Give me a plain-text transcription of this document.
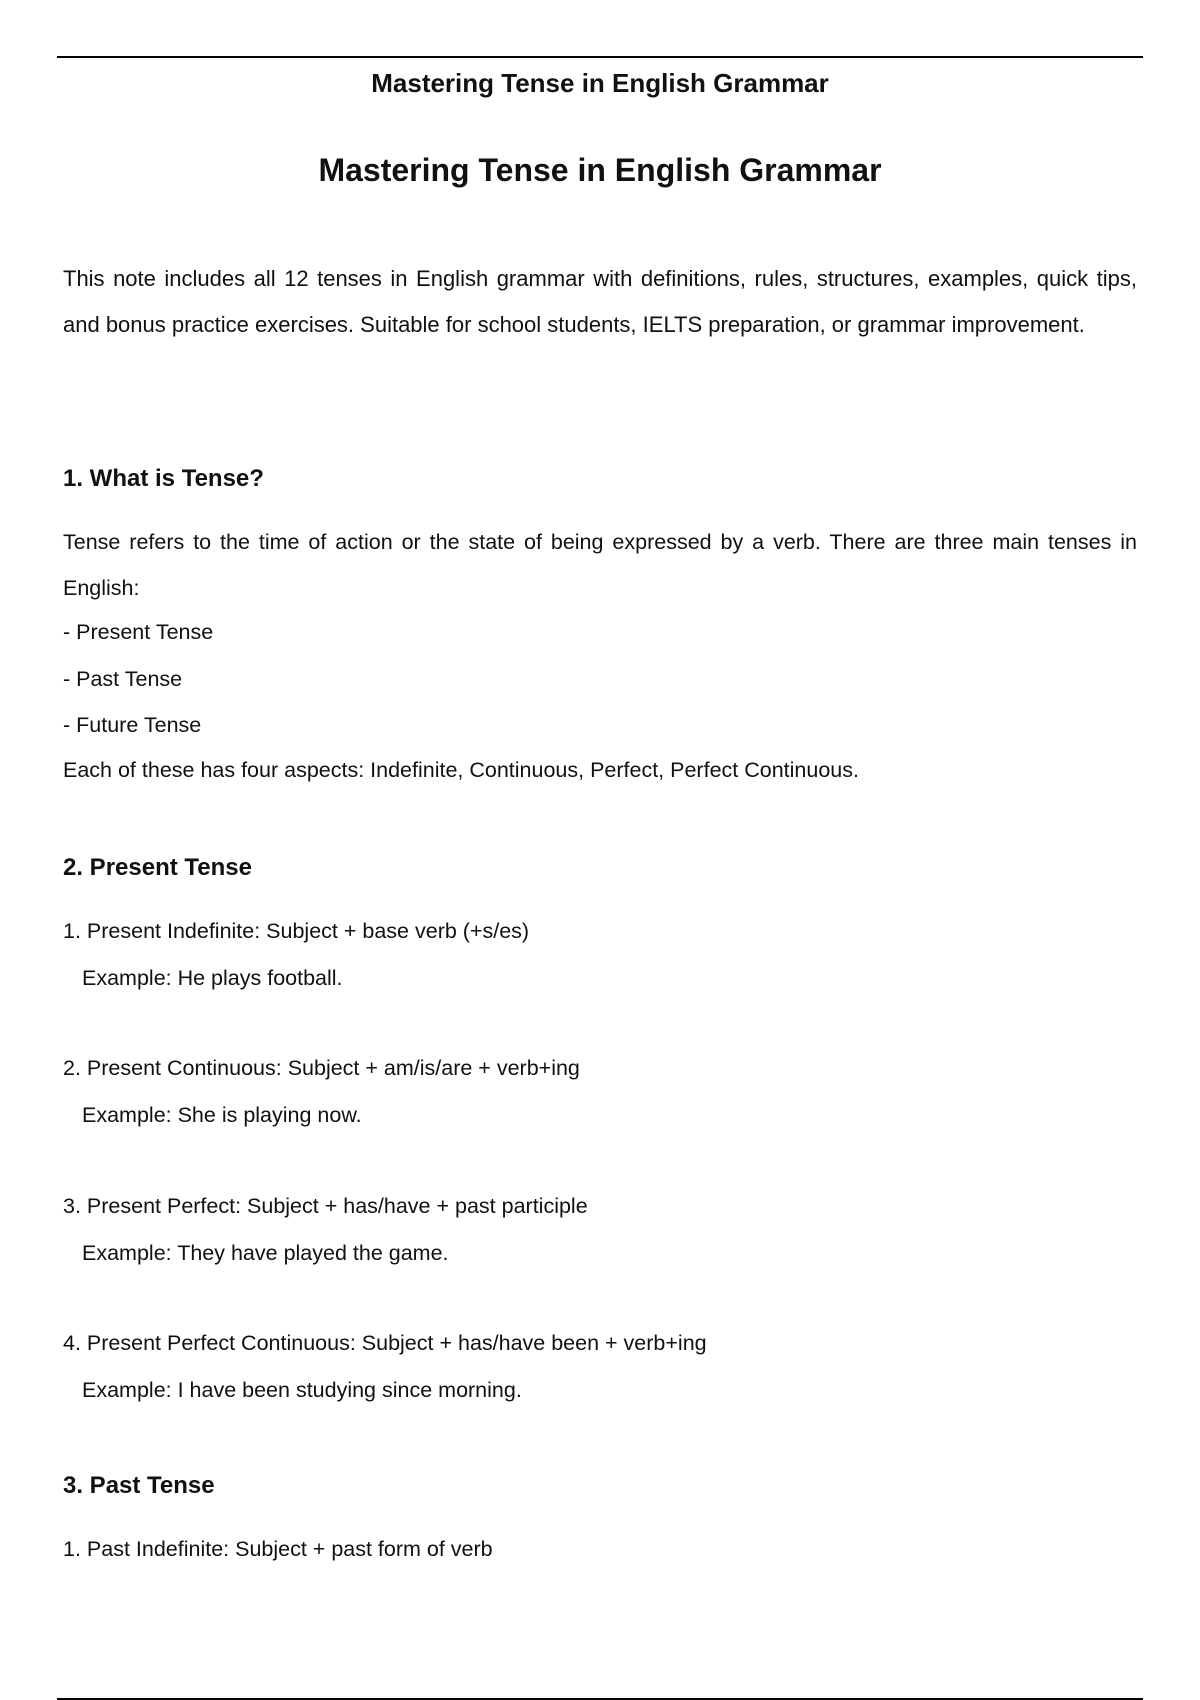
Mastering Tense in English Grammar
Mastering Tense in English Grammar
This note includes all 12 tenses in English grammar with definitions, rules, structures, examples, quick tips, and bonus practice exercises. Suitable for school students, IELTS preparation, or grammar improvement.
1. What is Tense?
Tense refers to the time of action or the state of being expressed by a verb. There are three main tenses in English:
- Present Tense
- Past Tense
- Future Tense
Each of these has four aspects: Indefinite, Continuous, Perfect, Perfect Continuous.
2. Present Tense
1. Present Indefinite: Subject + base verb (+s/es)
Example: He plays football.
2. Present Continuous: Subject + am/is/are + verb+ing
Example: She is playing now.
3. Present Perfect: Subject + has/have + past participle
Example: They have played the game.
4. Present Perfect Continuous: Subject + has/have been + verb+ing
Example: I have been studying since morning.
3. Past Tense
1. Past Indefinite: Subject + past form of verb
